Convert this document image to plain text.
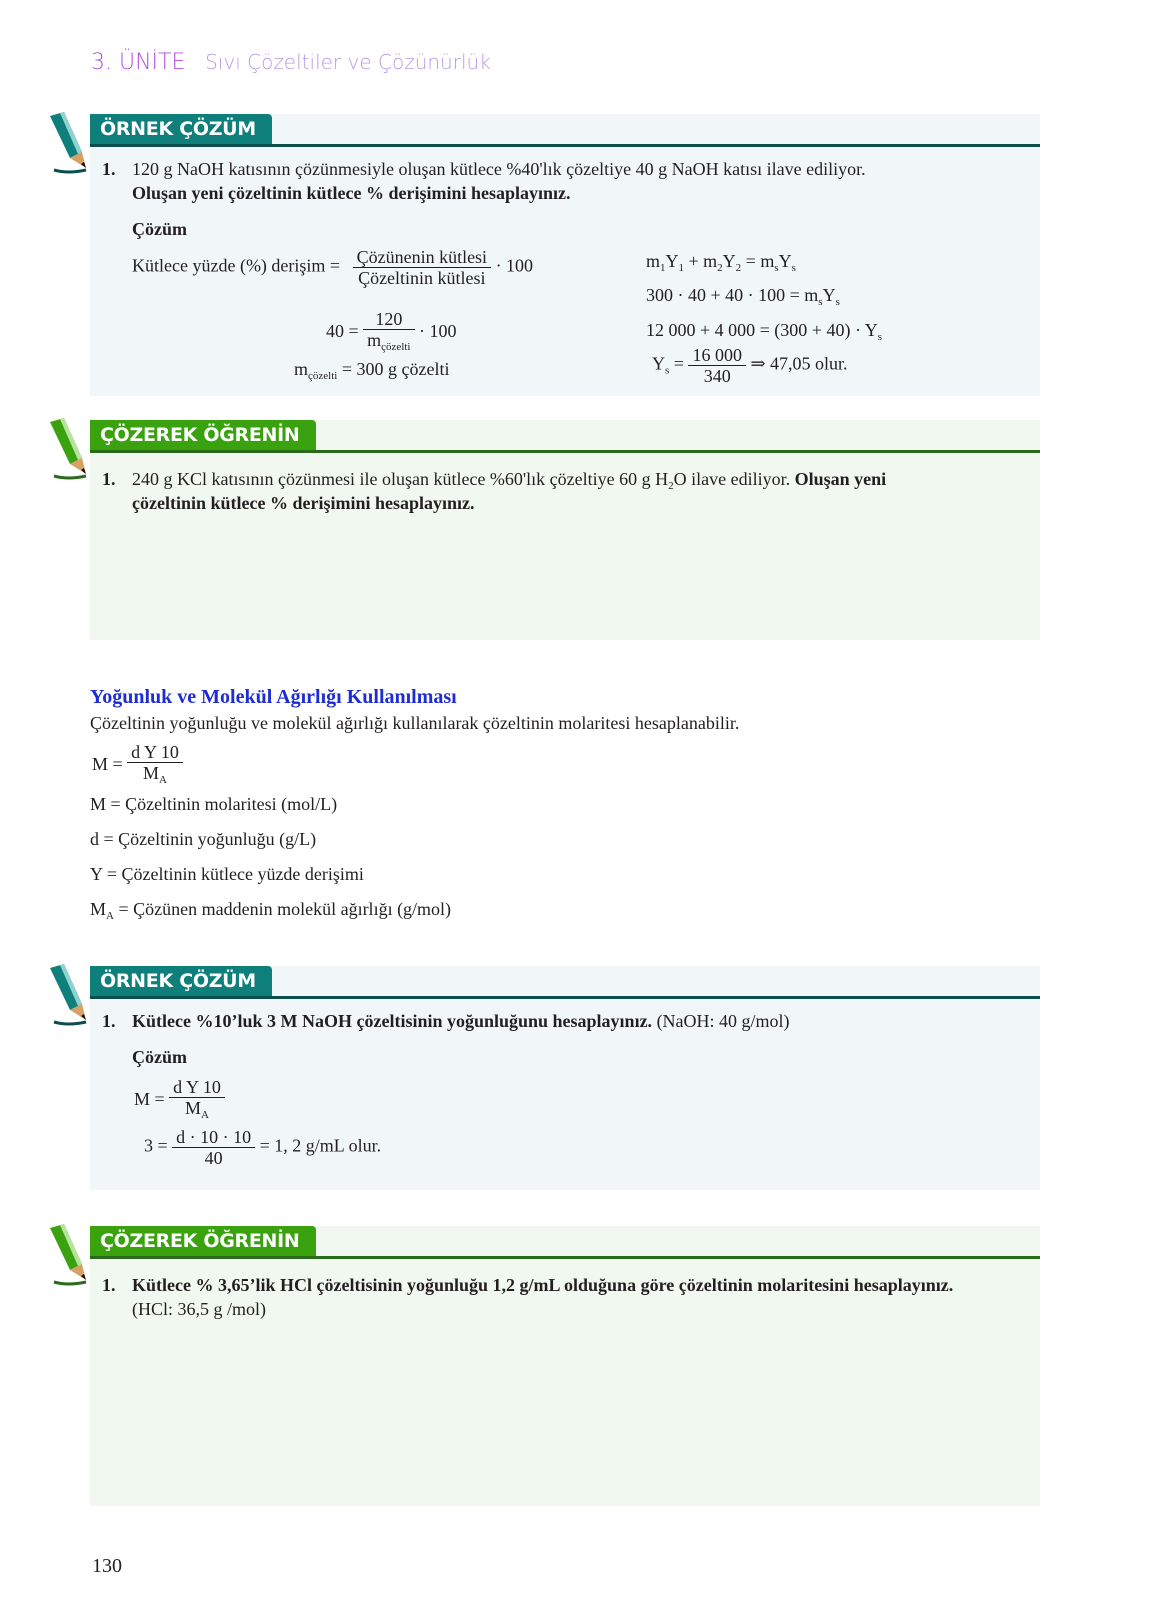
3. ÜNİTE Sıvı Çözeltiler ve Çözünürlük
ÖRNEK ÇÖZÜM
1. 120 g NaOH katısının çözünmesiyle oluşan kütlece %40'lık çözeltiye 40 g NaOH katısı ilave ediliyor.
Oluşan yeni çözeltinin kütlece % derişimini hesaplayınız.
Çözüm
Kütlece yüzde (%) derişim = $\frac{\text{Çözünenin kütlesi}}{\text{Çözeltinin kütlesi}} \cdot 100$
$40 = \frac{120}{m_{çözelti}} \cdot 100$
$m_{çözelti} = 300$ g çözelti
$m_1Y_1 + m_2Y_2 = m_sY_s$
$300 \cdot 40 + 40 \cdot 100 = m_sY_s$
12 000 + 4 $000 = (300 + 40) \cdot Y_s$
$Y_s = \frac{16 000}{340}$ ⇒ 47,05 olur.
ÇÖZEREK ÖĞRENİN
1. 240 g KCl katısının çözünmesi ile oluşan kütlece %60'lık çözeltiye 60 g $H_2O$ ilave ediliyor. Oluşan yeni
çözeltinin kütlece % derişimini hesaplayınız.
Yoğunluk ve Molekül Ağırlığı Kullanılması
Çözeltinin yoğunluğu ve molekül ağırlığı kullanılarak çözeltinin molaritesi hesaplanabilir.
$M = \frac{\text{d Y 10}}{M_A}$
M = Çözeltinin molaritesi (mol/L)
d = Çözeltinin yoğunluğu (g/L)
Y = Çözeltinin kütlece yüzde derişimi
$M_A$ = Çözünen maddenin molekül ağırlığı (g/mol)
ÖRNEK ÇÖZÜM
1. Kütlece %10’luk 3 M NaOH çözeltisinin yoğunluğunu hesaplayınız. (NaOH: 40 g/mol)
Çözüm
$M = \frac{\text{d Y 10}}{M_A}$
$3 = \frac{d \cdot 10 \cdot 10}{40} = 1$, 2 g/mL olur.
ÇÖZEREK ÖĞRENİN
1. Kütlece % 3,65’lik HCl çözeltisinin yoğunluğu 1,2 g/mL olduğuna göre çözeltinin molaritesini hesaplayınız.
(HCl: 36,5 g /mol)
130
